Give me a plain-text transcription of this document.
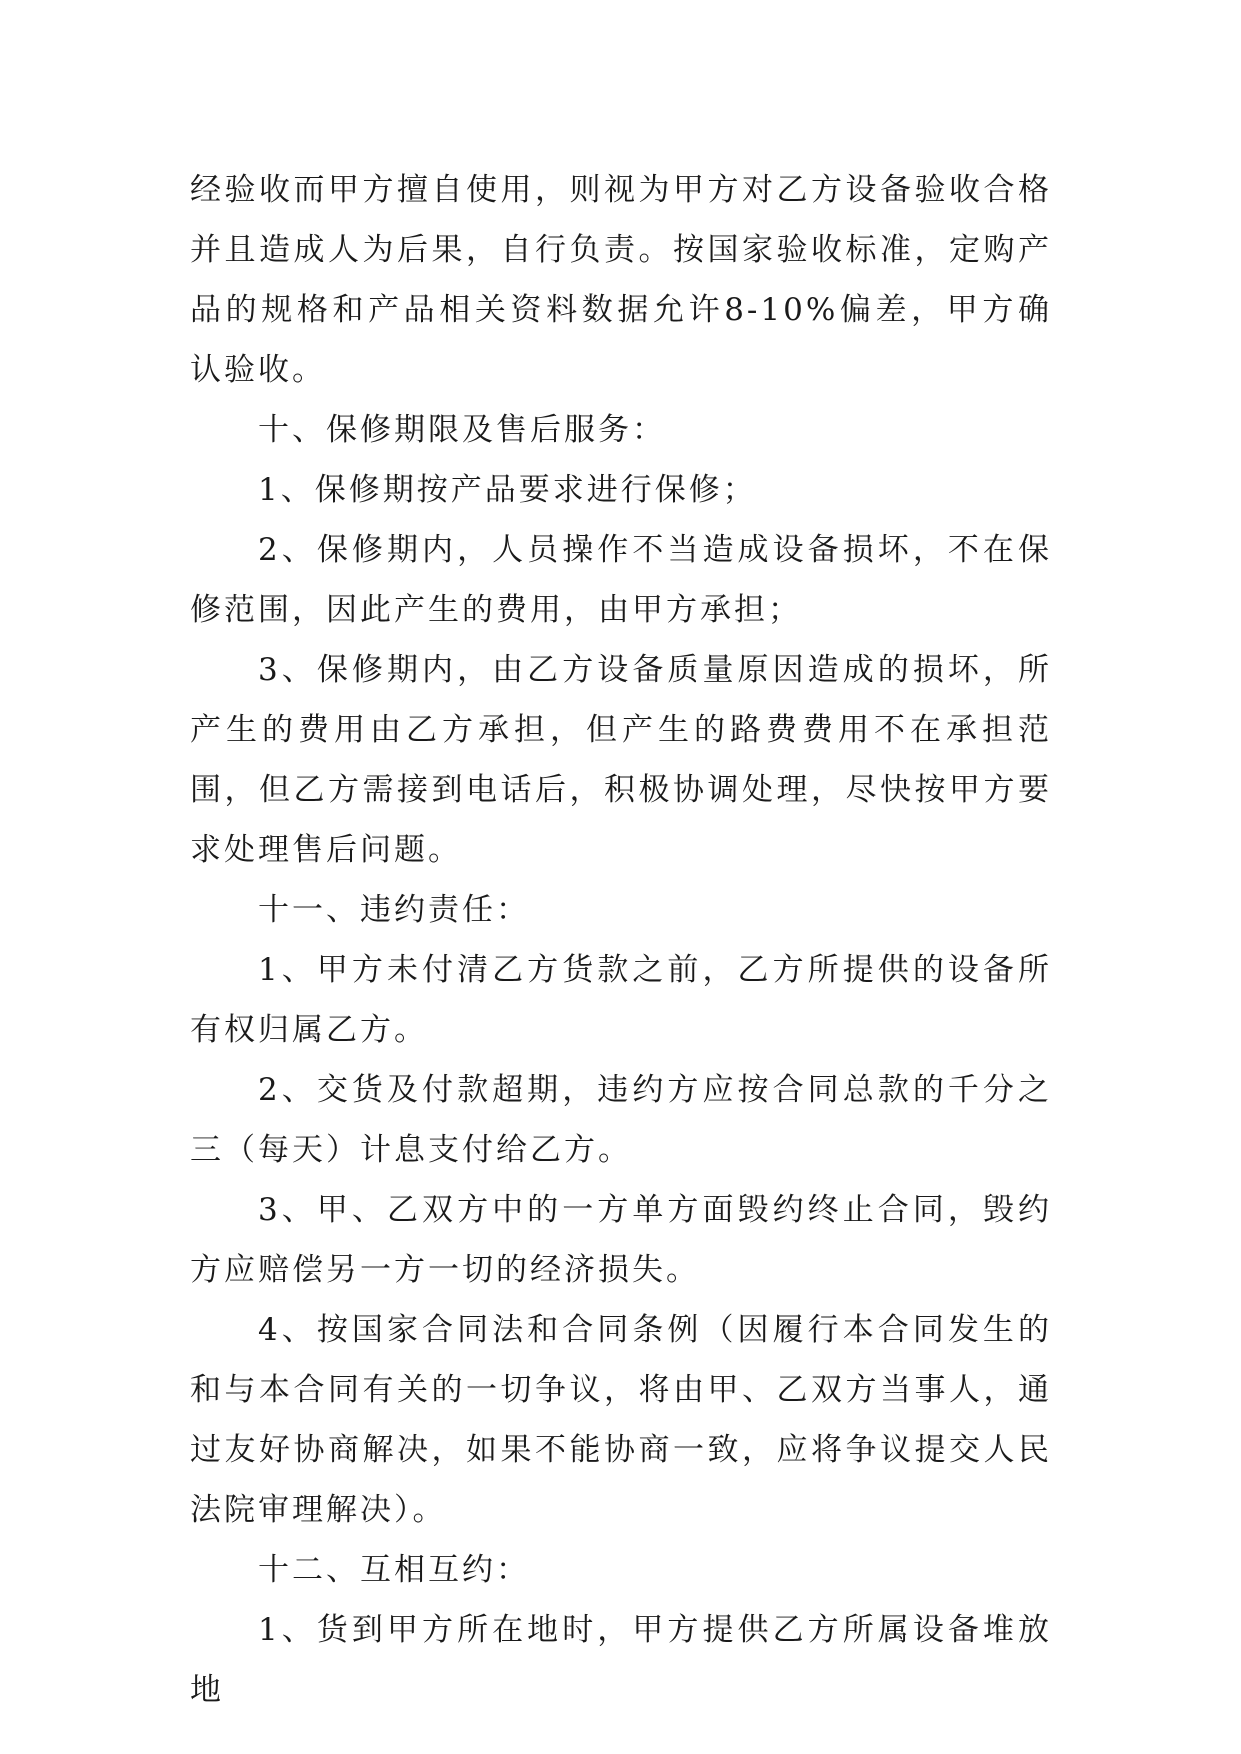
经验收而甲方擅自使用，则视为甲方对乙方设备验收合格并且造成人为后果，自行负责。按国家验收标准，定购产品的规格和产品相关资料数据允许8-10%偏差，甲方确认验收。

十、保修期限及售后服务：

1、保修期按产品要求进行保修；

2、保修期内，人员操作不当造成设备损坏，不在保修范围，因此产生的费用，由甲方承担；

3、保修期内，由乙方设备质量原因造成的损坏，所产生的费用由乙方承担，但产生的路费费用不在承担范围，但乙方需接到电话后，积极协调处理，尽快按甲方要求处理售后问题。

十一、违约责任：

1、甲方未付清乙方货款之前，乙方所提供的设备所有权归属乙方。

2、交货及付款超期，违约方应按合同总款的千分之三（每天）计息支付给乙方。

3、甲、乙双方中的一方单方面毁约终止合同，毁约方应赔偿另一方一切的经济损失。

4、按国家合同法和合同条例（因履行本合同发生的和与本合同有关的一切争议，将由甲、乙双方当事人，通过友好协商解决，如果不能协商一致，应将争议提交人民法院审理解决）。

十二、互相互约：

1、货到甲方所在地时，甲方提供乙方所属设备堆放地
